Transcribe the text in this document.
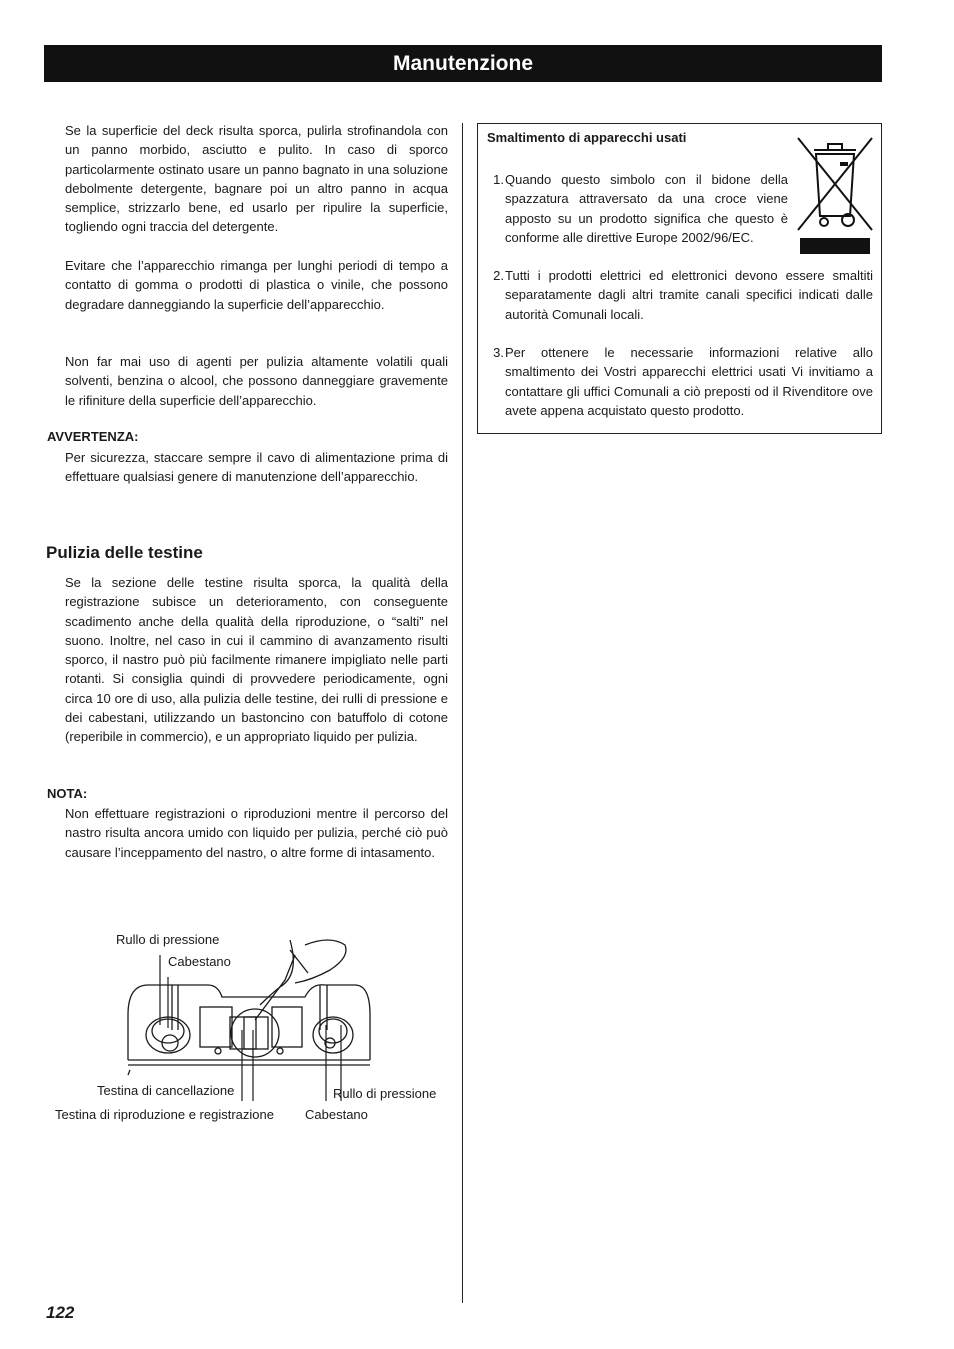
Manutenzione

Se la superficie del deck risulta sporca, pulirla strofinandola con un panno morbido, asciutto e pulito. In caso di sporco particolarmente ostinato usare un panno bagnato in una soluzione debolmente detergente, bagnare poi un altro panno in acqua semplice, strizzarlo bene, ed usarlo per ripulire la superficie, togliendo ogni traccia del detergente.

Evitare che l’apparecchio rimanga per lunghi periodi di tempo a contatto di gomma o prodotti di plastica o vinile, che possono degradare danneggiando la superficie dell’apparecchio.

Non far mai uso di agenti per pulizia altamente volatili quali solventi, benzina o alcool, che possono danneggiare gravemente le rifiniture della superficie dell’apparecchio.

AVVERTENZA:

Per sicurezza, staccare sempre il cavo di alimentazione prima di effettuare qualsiasi genere di manutenzione dell’apparecchio.

Pulizia delle testine

Se la sezione delle testine risulta sporca, la qualità della registrazione subisce un deterioramento, con conseguente scadimento anche della qualità della riproduzione, o “salti” nel suono. Inoltre, nel caso in cui il cammino di avanzamento risulti sporco, il nastro può più facilmente rimanere impigliato nelle parti rotanti. Si consiglia quindi di provvedere periodicamente, ogni circa 10 ore di uso, alla pulizia delle testine, dei rulli di pressione e dei cabestani, utilizzando un bastoncino con batuffolo di cotone (reperibile in commercio), e un appropriato liquido per pulizia.

NOTA:

Non effettuare registrazioni o riproduzioni mentre il percorso del nastro risulta ancora umido con liquido per pulizia, perché ciò può causare l’inceppamento del nastro, o altre forme di intasamento.

Rullo di pressione
Cabestano
Testina di cancellazione
Testina di riproduzione e registrazione
Rullo di pressione
Cabestano

Smaltimento di apparecchi usati

1. Quando questo simbolo con il bidone della spazzatura attraversato da una croce viene apposto su un prodotto significa che questo è conforme alle direttive Europe 2002/96/EC.
2. Tutti i prodotti elettrici ed elettronici devono essere smaltiti separatamente dagli altri tramite canali specifici indicati dalle autorità Comunali locali.
3. Per ottenere le necessarie informazioni relative allo smaltimento dei Vostri apparecchi elettrici usati Vi invitiamo a contattare gli uffici Comunali a ciò preposti od il Rivenditore ove avete appena acquistato questo prodotto.
122
